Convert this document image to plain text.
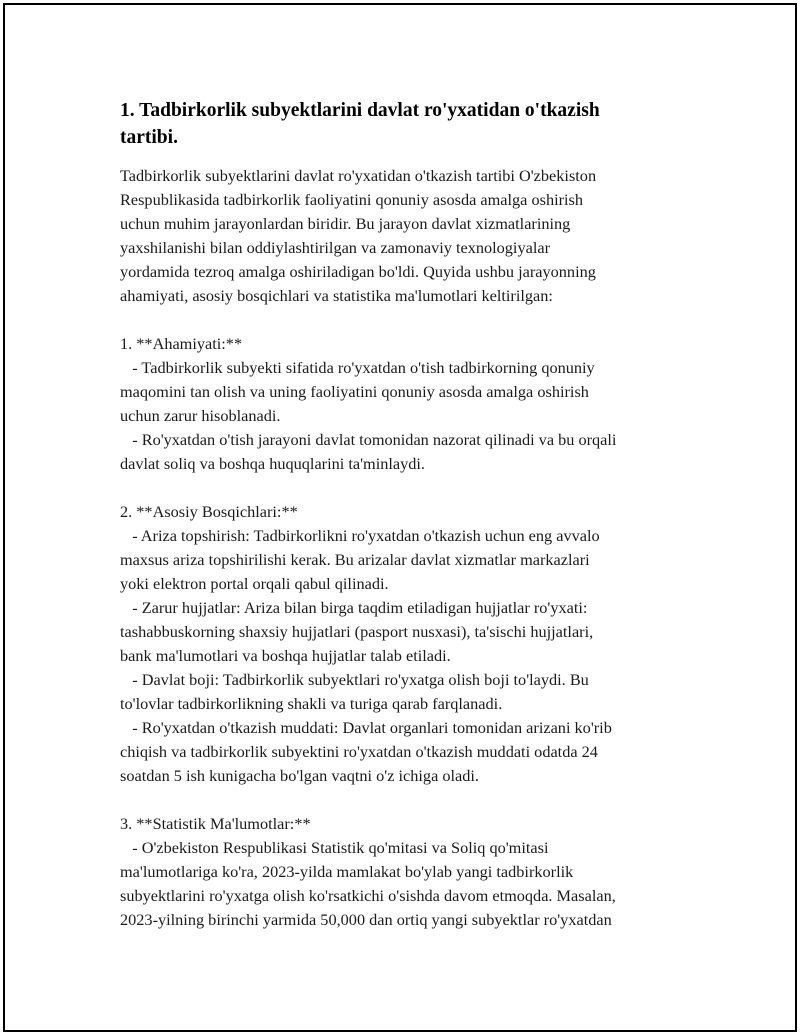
1. Tadbirkorlik subyektlarini davlat ro'yxatidan o'tkazish
tartibi.
Tadbirkorlik subyektlarini davlat ro'yxatidan o'tkazish tartibi O'zbekiston
Respublikasida tadbirkorlik faoliyatini qonuniy asosda amalga oshirish
uchun muhim jarayonlardan biridir. Bu jarayon davlat xizmatlarining
yaxshilanishi bilan oddiylashtirilgan va zamonaviy texnologiyalar
yordamida tezroq amalga oshiriladigan bo'ldi. Quyida ushbu jarayonning
ahamiyati, asosiy bosqichlari va statistika ma'lumotlari keltirilgan:
1. **Ahamiyati:**
- Tadbirkorlik subyekti sifatida ro'yxatdan o'tish tadbirkorning qonuniy
maqomini tan olish va uning faoliyatini qonuniy asosda amalga oshirish
uchun zarur hisoblanadi.
- Ro'yxatdan o'tish jarayoni davlat tomonidan nazorat qilinadi va bu orqali
davlat soliq va boshqa huquqlarini ta'minlaydi.
2. **Asosiy Bosqichlari:**
- Ariza topshirish: Tadbirkorlikni ro'yxatdan o'tkazish uchun eng avvalo
maxsus ariza topshirilishi kerak. Bu arizalar davlat xizmatlar markazlari
yoki elektron portal orqali qabul qilinadi.
- Zarur hujjatlar: Ariza bilan birga taqdim etiladigan hujjatlar ro'yxati:
tashabbuskorning shaxsiy hujjatlari (pasport nusxasi), ta'sischi hujjatlari,
bank ma'lumotlari va boshqa hujjatlar talab etiladi.
- Davlat boji: Tadbirkorlik subyektlari ro'yxatga olish boji to'laydi. Bu
to'lovlar tadbirkorlikning shakli va turiga qarab farqlanadi.
- Ro'yxatdan o'tkazish muddati: Davlat organlari tomonidan arizani ko'rib
chiqish va tadbirkorlik subyektini ro'yxatdan o'tkazish muddati odatda 24
soatdan 5 ish kunigacha bo'lgan vaqtni o'z ichiga oladi.
3. **Statistik Ma'lumotlar:**
- O'zbekiston Respublikasi Statistik qo'mitasi va Soliq qo'mitasi
ma'lumotlariga ko'ra, 2023-yilda mamlakat bo'ylab yangi tadbirkorlik
subyektlarini ro'yxatga olish ko'rsatkichi o'sishda davom etmoqda. Masalan,
2023-yilning birinchi yarmida 50,000 dan ortiq yangi subyektlar ro'yxatdan
